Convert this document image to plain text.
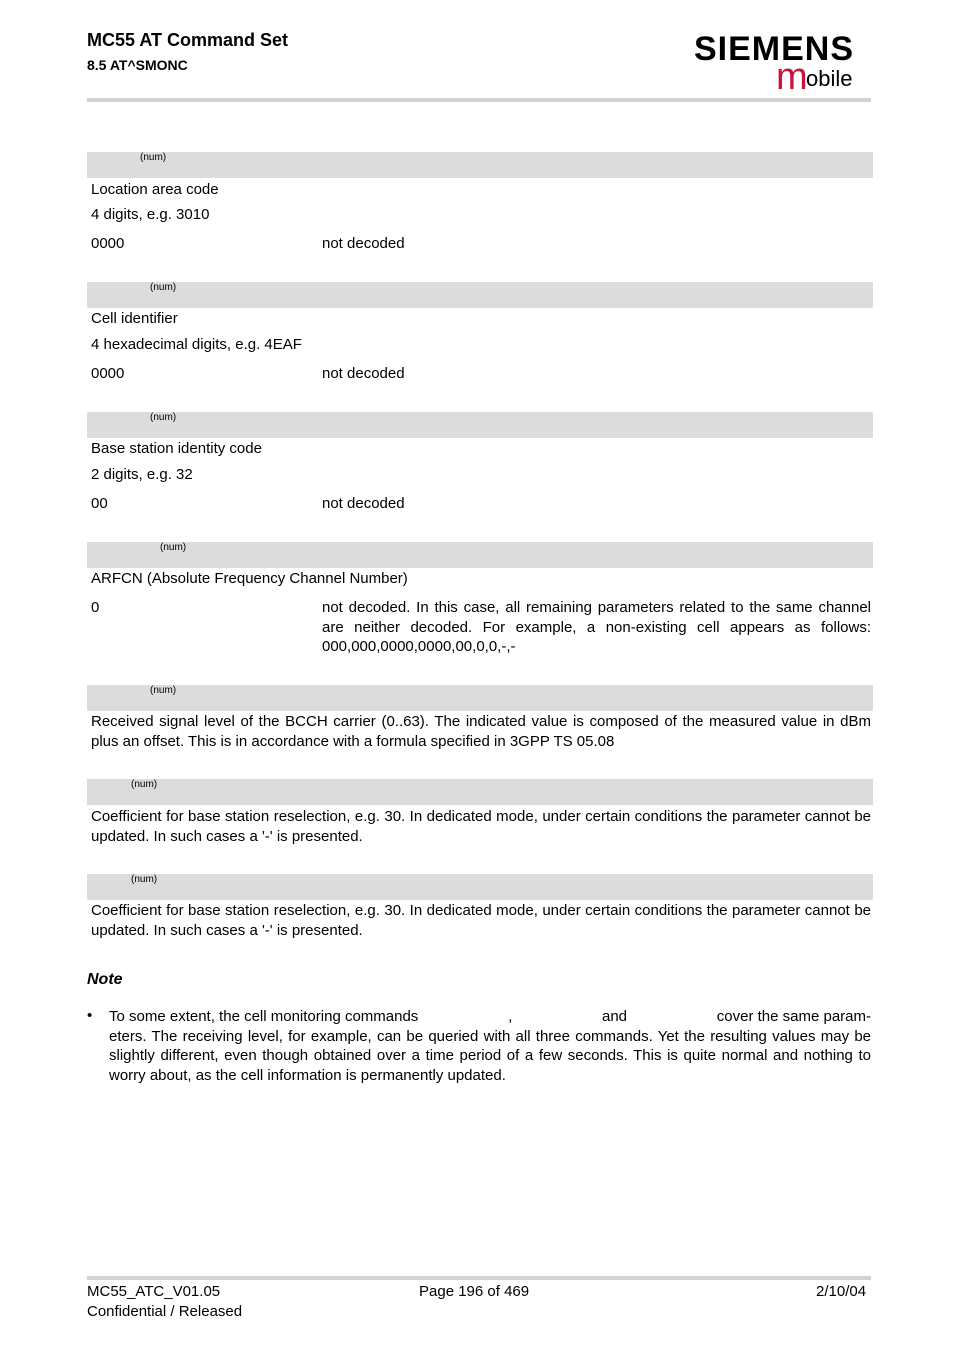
MC55 AT Command Set
8.5 AT^SMONC	SIEMENS
m
obile
(num)
Location area code
4 digits, e.g. 3010
0000	not decoded
(num)
Cell identifier
4 hexadecimal digits, e.g. 4EAF
0000	not decoded
(num)
Base station identity code
2 digits, e.g. 32
00	not decoded
(num)
ARFCN (Absolute Frequency Channel Number)
0	not decoded. In this case, all remaining parameters related to the same channel are neither decoded. For example, a non-existing cell appears as follows: 000,000,0000,0000,00,0,0,-,-
(num)
Received signal level of the BCCH carrier (0..63). The indicated value is composed of the measured value in dBm plus an offset. This is in accordance with a formula specified in 3GPP TS 05.08
(num)
Coefficient for base station reselection, e.g. 30. In dedicated mode, under certain conditions the parameter cannot be updated. In such cases a '-' is presented.
(num)
Coefficient for base station reselection, e.g. 30. In dedicated mode, under certain conditions the parameter cannot be updated. In such cases a '-' is presented.
Note
• To some extent, the cell monitoring commands	,	and	cover the same param-
eters. The receiving level, for example, can be queried with all three commands. Yet the resulting values may be slightly different, even though obtained over a time period of a few seconds. This is quite normal and nothing to worry about, as the cell information is permanently updated.
MC55_ATC_V01.05
Confidential / Released
Page 196 of 469	2/10/04
